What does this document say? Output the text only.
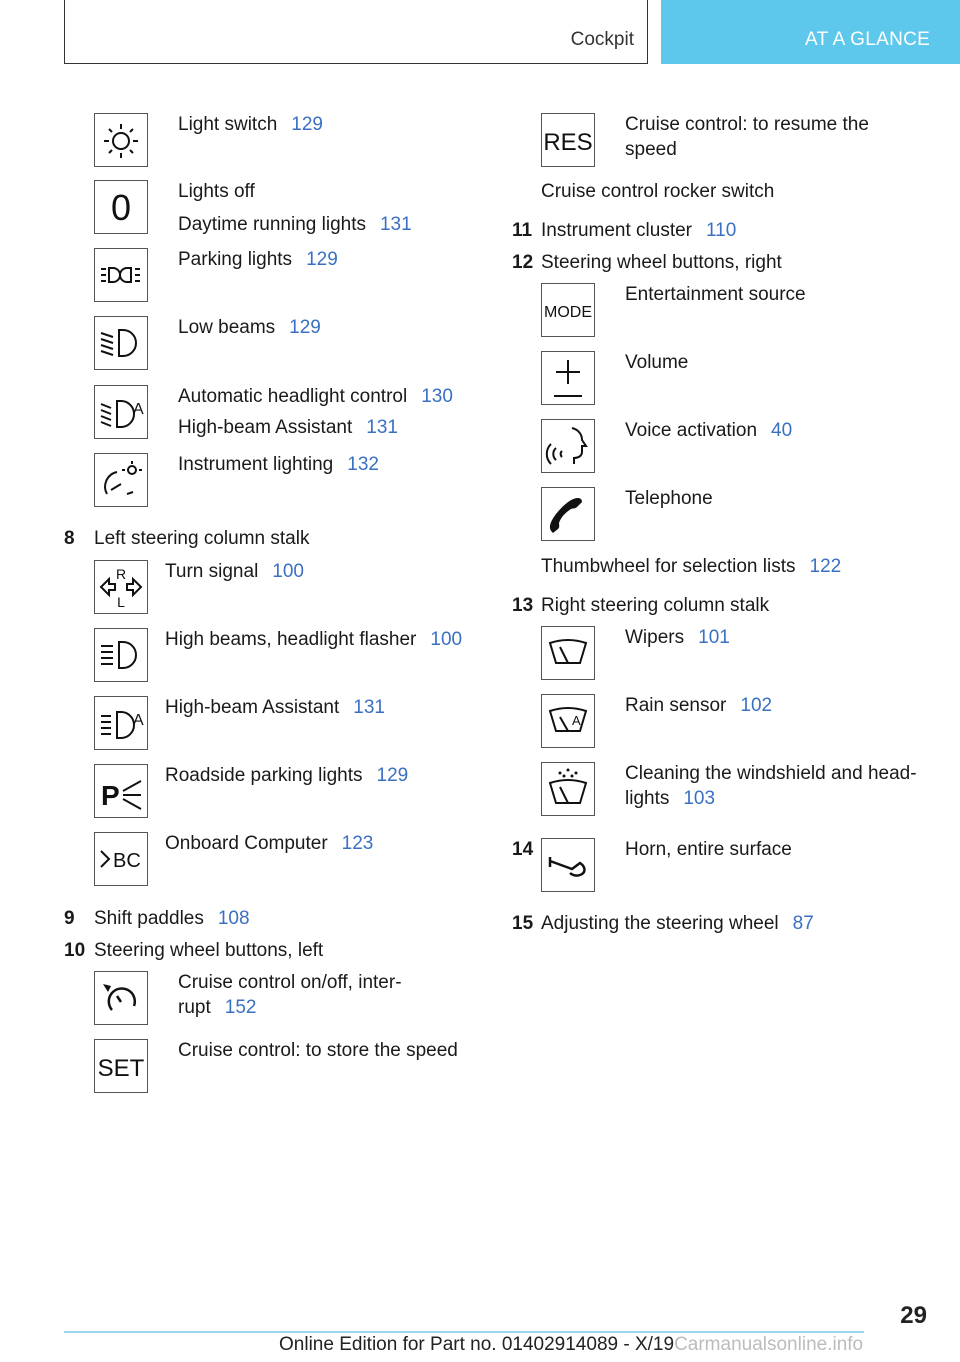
Cockpit	AT A GLANCE
Light switch 129
0 Lights off
Daytime running lights 131
Parking lights 129
Low beams 129
A
Automatic headlight control 130
High-beam Assistant 131
Instrument lighting 132
8 Left steering column stalk
R
L
Turn signal 100
High beams, headlight flasher 100
A
High-beam Assistant 131
P
Roadside parking lights 129
BC
Onboard Computer 123
9 Shift paddles 108
10 Steering wheel buttons, left
Cruise control on/off, inter-
rupt 152
SET
Cruise control: to store the speed
RES
Cruise control: to resume the
speed
Cruise control rocker switch
11 Instrument cluster 110
12 Steering wheel buttons, right
MODE
Entertainment source
Volume
Voice activation 40
Telephone
Thumbwheel for selection lists 122
13 Right steering column stalk
Wipers 101
A
Rain sensor 102
Cleaning the windshield and head-
lights 103
14	Horn, entire surface
15 Adjusting the steering wheel 87
29
Online Edition for Part no. 01402914089 - X/19Carmanualsonline.info
